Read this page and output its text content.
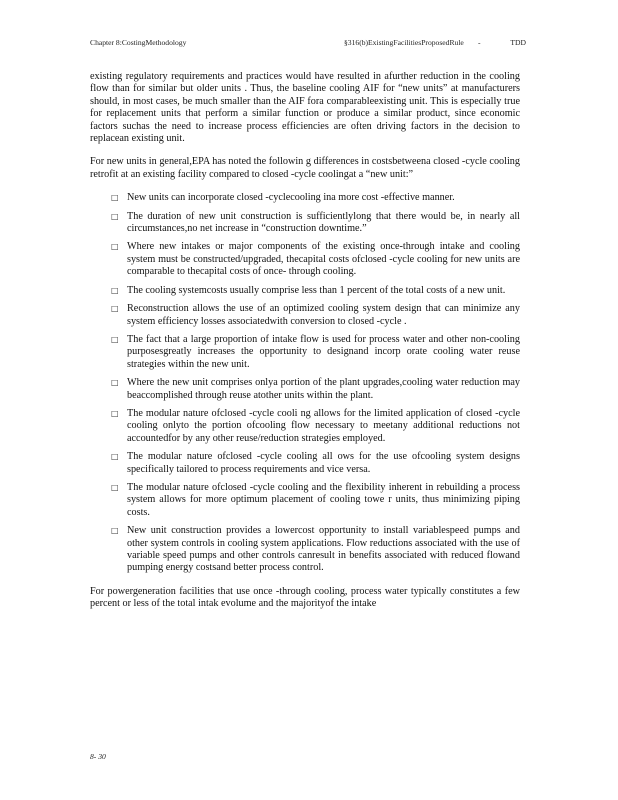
Chapter 8:CostingMethodology	§316(b)ExistingFacilitiesProposedRule -	TDD

existing regulatory requirements and practices would have resulted in afurther reduction in the cooling flow than for similar but older units . Thus, the baseline cooling AIF for “new units” at manufacturers should, in most cases, be much smaller than the AIF fora comparableexisting unit. This is especially true for replacement units that perform a similar function or produce a similar product, since economic factors suchas the need to increase process efficiencies are often driving factors in the decision to replacean existing unit.

For new units in general,EPA has noted the followin g differences in costsbetweena closed -cycle cooling retrofit at an existing facility compared to closed -cycle coolingat a “new unit:”

□ New units can incorporate closed -cyclecooling ina more cost -effective manner.
□ The duration of new unit construction is sufficientlylong that there would be, in nearly all circumstances,no net increase in “construction downtime.”
□ Where new intakes or major components of the existing once-through intake and cooling system must be constructed/upgraded, thecapital costs ofclosed -cycle cooling for new units are comparable to thecapital costs of once- through cooling.
□ The cooling systemcosts usually comprise less than 1 percent of the total costs of a new unit.
□ Reconstruction allows the use of an optimized cooling system design that can minimize any system efficiency losses associatedwith conversion to closed -cycle .
□ The fact that a large proportion of intake flow is used for process water and other non-cooling purposesgreatly increases the opportunity to designand incorp orate cooling water reuse strategies within the new unit.
□ Where the new unit comprises onlya portion of the plant upgrades,cooling water reduction may beaccomplished through reuse atother units within the plant.
□ The modular nature ofclosed -cycle cooli ng allows for the limited application of closed -cycle cooling onlyto the portion ofcooling flow necessary to meetany additional reductions not accountedfor by any other reuse/reduction strategies employed.
□ The modular nature ofclosed -cycle cooling all ows for the use ofcooling system designs specifically tailored to process requirements and vice versa.
□ The modular nature ofclosed -cycle cooling and the flexibility inherent in rebuilding a process system allows for more optimum placement of cooling towe r units, thus minimizing piping costs.
□ New unit construction provides a lowercost opportunity to install variablespeed pumps and other system controls in cooling system applications. Flow reductions associated with the use of variable speed pumps and other controls canresult in benefits associated with reduced flowand pumping energy costsand better process control.

For powergeneration facilities that use once -through cooling, process water typically constitutes a few percent or less of the total intak evolume and the majorityof the intake

8- 30
